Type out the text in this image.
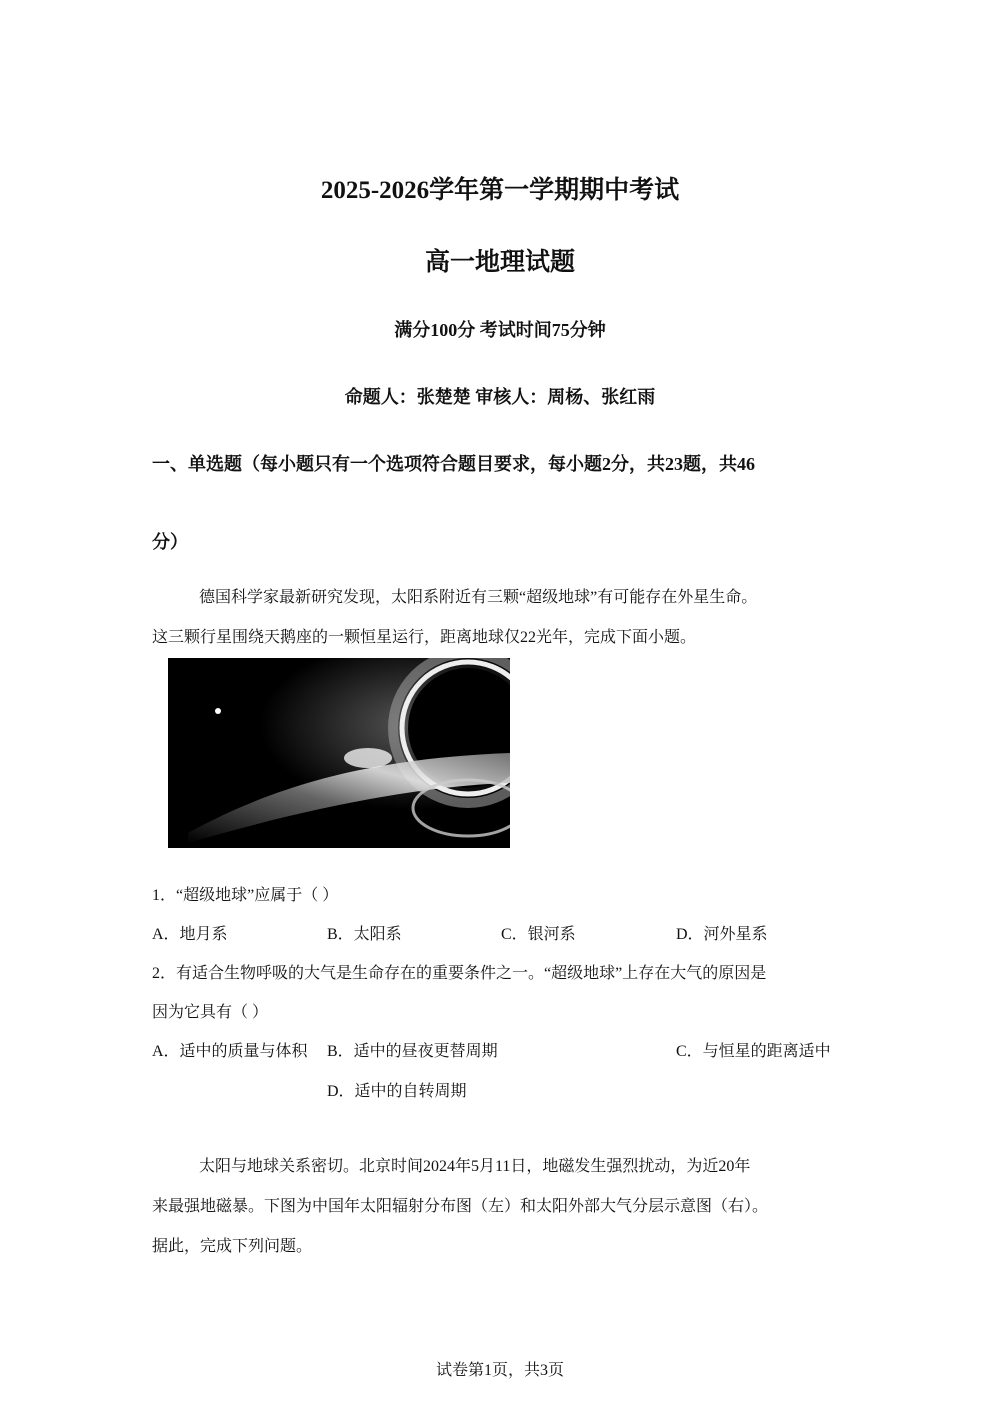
2025-2026学年第一学期期中考试
高一地理试题
满分100分 考试时间75分钟
命题人：张楚楚 审核人：周杨、张红雨
一、单选题（每小题只有一个选项符合题目要求，每小题2分，共23题，共46
分）
德国科学家最新研究发现，太阳系附近有三颗“超级地球”有可能存在外星生命。
这三颗行星围绕天鹅座的一颗恒星运行，距离地球仅22光年，完成下面小题。
1．“超级地球”应属于（ ）
A．地月系	B．太阳系	C．银河系	D．河外星系
2．有适合生物呼吸的大气是生命存在的重要条件之一。“超级地球”上存在大气的原因是
因为它具有（ ）
A．适中的质量与体积 B．适中的昼夜更替周期	C．与恒星的距离适中
D．适中的自转周期
太阳与地球关系密切。北京时间2024年5月11日，地磁发生强烈扰动，为近20年
来最强地磁暴。下图为中国年太阳辐射分布图（左）和太阳外部大气分层示意图（右）。
据此，完成下列问题。
试卷第1页，共3页
